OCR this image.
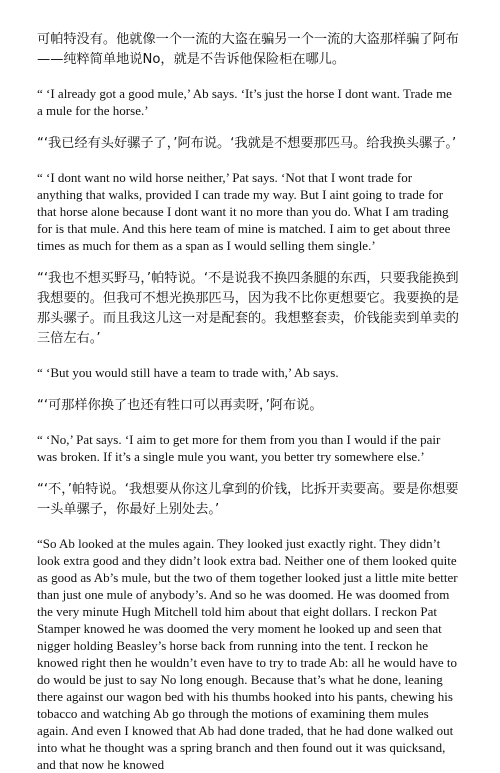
可帕特没有。他就像一个一流的大盗在骗另一个一流的大盗那样骗了阿布——纯粹简单地说No，就是不告诉他保险柜在哪儿。

“ ‘I already got a good mule,’ Ab says. ‘It’s just the horse I dont want. Trade me a mule for the horse.’

“‘我已经有头好骡子了，’阿布说。‘我就是不想要那匹马。给我换头骡子。’

“ ‘I dont want no wild horse neither,’ Pat says. ‘Not that I wont trade for anything that walks, provided I can trade my way. But I aint going to trade for that horse alone because I dont want it no more than you do. What I am trading for is that mule. And this here team of mine is matched. I aim to get about three times as much for them as a span as I would selling them single.’

“‘我也不想买野马，’帕特说。‘不是说我不换四条腿的东西，只要我能换到我想要的。但我可不想光换那匹马，因为我不比你更想要它。我要换的是那头骡子。而且我这儿这一对是配套的。我想整套卖，价钱能卖到单卖的三倍左右。’

“ ‘But you would still have a team to trade with,’ Ab says.

“‘可那样你换了也还有牲口可以再卖呀，’阿布说。

“ ‘No,’ Pat says. ‘I aim to get more for them from you than I would if the pair was broken. If it’s a single mule you want, you better try somewhere else.’

“‘不，’帕特说。‘我想要从你这儿拿到的价钱，比拆开卖要高。要是你想要一头单骡子，你最好上别处去。’

“So Ab looked at the mules again. They looked just exactly right. They didn’t look extra good and they didn’t look extra bad. Neither one of them looked quite as good as Ab’s mule, but the two of them together looked just a little mite better than just one mule of anybody’s. And so he was doomed. He was doomed from the very minute Hugh Mitchell told him about that eight dollars. I reckon Pat Stamper knowed he was doomed the very moment he looked up and seen that nigger holding Beasley’s horse back from running into the tent. I reckon he knowed right then he wouldn’t even have to try to trade Ab: all he would have to do would be just to say No long enough. Because that’s what he done, leaning there against our wagon bed with his thumbs hooked into his pants, chewing his tobacco and watching Ab go through the motions of examining them mules again. And even I knowed that Ab had done traded, that he had done walked out into what he thought was a spring branch and then found out it was quicksand, and that now he knowed
